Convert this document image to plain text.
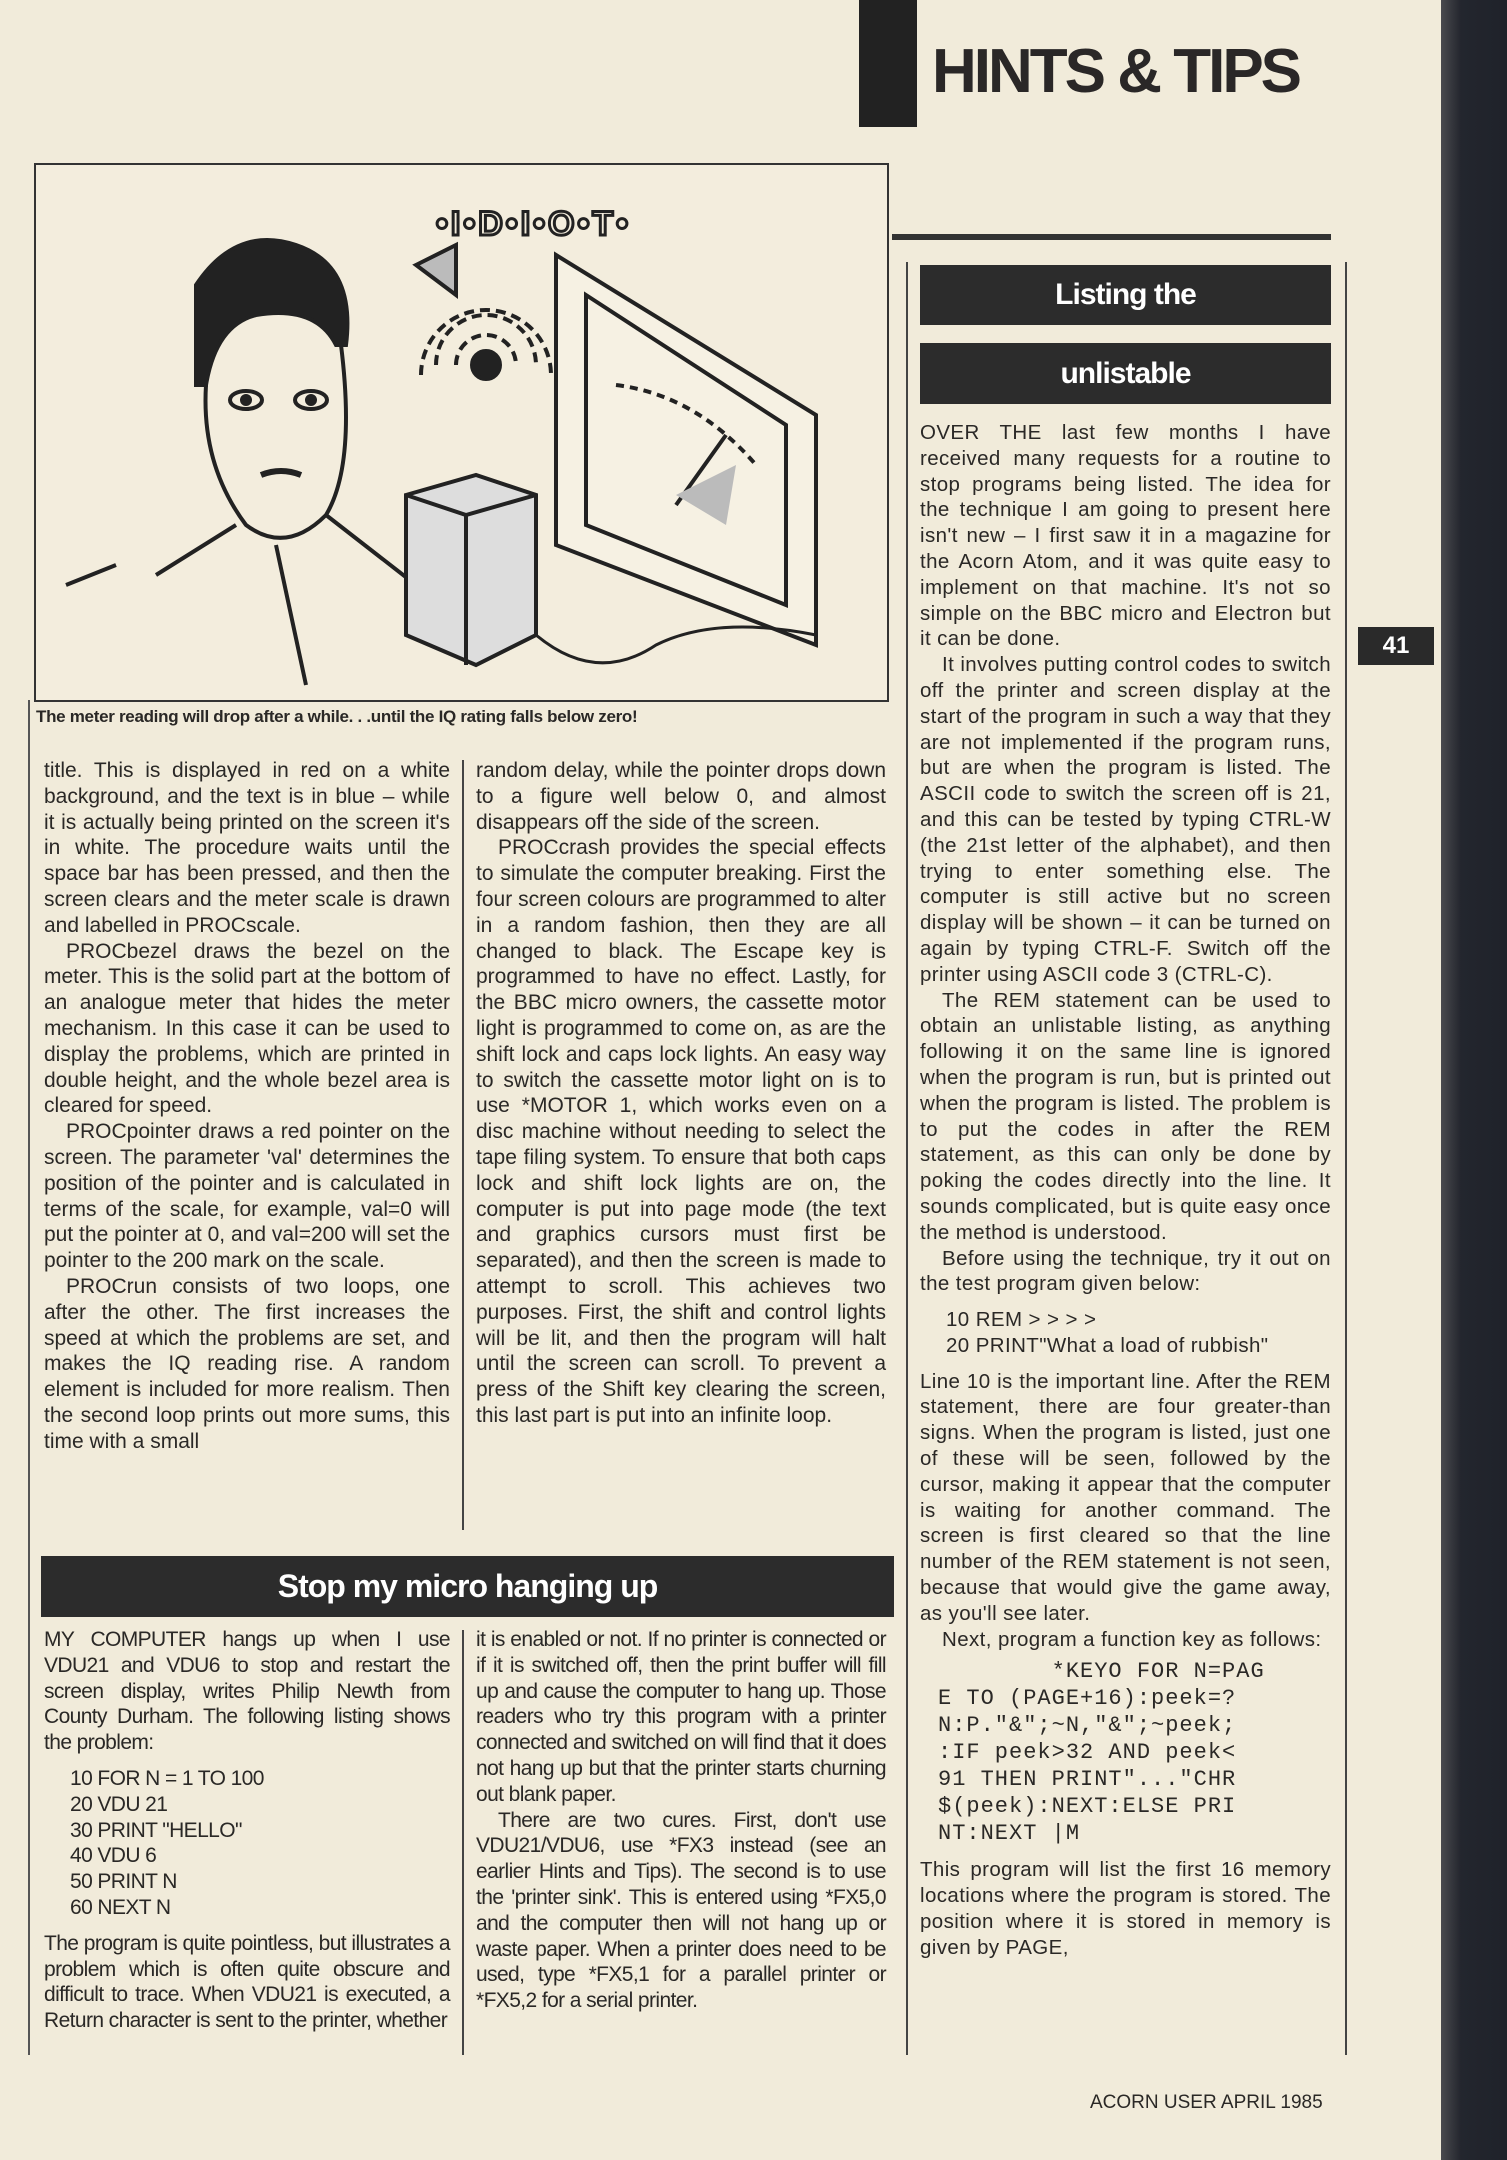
HINTS & TIPS
•I•D•I•O•T•
The meter reading will drop after a while. . .until the IQ rating falls below zero!

title. This is displayed in red on a white background, and the text is in blue – while it is actually being printed on the screen it's in white. The procedure waits until the space bar has been pressed, and then the screen clears and the meter scale is drawn and labelled in PROCscale.

PROCbezel draws the bezel on the meter. This is the solid part at the bottom of an analogue meter that hides the meter mechanism. In this case it can be used to display the problems, which are printed in double height, and the whole bezel area is cleared for speed.

PROCpointer draws a red pointer on the screen. The parameter 'val' determines the position of the pointer and is calculated in terms of the scale, for example, val=0 will put the pointer at 0, and val=200 will set the pointer to the 200 mark on the scale.

PROCrun consists of two loops, one after the other. The first increases the speed at which the problems are set, and makes the IQ reading rise. A random element is included for more realism. Then the second loop prints out more sums, this time with a small

random delay, while the pointer drops down to a figure well below 0, and almost disappears off the side of the screen.

PROCcrash provides the special effects to simulate the computer breaking. First the four screen colours are programmed to alter in a random fashion, then they are all changed to black. The Escape key is programmed to have no effect. Lastly, for the BBC micro owners, the cassette motor light is programmed to come on, as are the shift lock and caps lock lights. An easy way to switch the cassette motor light on is to use *MOTOR 1, which works even on a disc machine without needing to select the tape filing system. To ensure that both caps lock and shift lock lights are on, the computer is put into page mode (the text and graphics cursors must first be separated), and then the screen is made to attempt to scroll. This achieves two purposes. First, the shift and control lights will be lit, and then the program will halt until the screen can scroll. To prevent a press of the Shift key clearing the screen, this last part is put into an infinite loop.

Listing the
unlistable

OVER THE last few months I have received many requests for a routine to stop programs being listed. The idea for the technique I am going to present here isn't new – I first saw it in a magazine for the Acorn Atom, and it was quite easy to implement on that machine. It's not so simple on the BBC micro and Electron but it can be done.

It involves putting control codes to switch off the printer and screen display at the start of the program in such a way that they are not implemented if the program runs, but are when the program is listed. The ASCII code to switch the screen off is 21, and this can be tested by typing CTRL-W (the 21st letter of the alphabet), and then trying to enter something else. The computer is still active but no screen display will be shown – it can be turned on again by typing CTRL-F. Switch off the printer using ASCII code 3 (CTRL-C).

The REM statement can be used to obtain an unlistable listing, as anything following it on the same line is ignored when the program is run, but is printed out when the program is listed. The problem is to put the codes in after the REM statement, as this can only be done by poking the codes directly into the line. It sounds complicated, but is quite easy once the method is understood.

Before using the technique, try it out on the test program given below:

10 REM > > > >
20 PRINT"What a load of rubbish"

Line 10 is the important line. After the REM statement, there are four greater-than signs. When the program is listed, just one of these will be seen, followed by the cursor, making it appear that the computer is waiting for another command. The screen is first cleared so that the line number of the REM statement is not seen, because that would give the game away, as you'll see later.

Next, program a function key as follows:

*KEYO FOR N=PAG
E TO (PAGE+16):peek=?
N:P."&";~N,"&";~peek;
:IF peek>32 AND peek<
91 THEN PRINT"..."CHR
$(peek):NEXT:ELSE PRI
NT:NEXT |M

This program will list the first 16 memory locations where the program is stored. The position where it is stored in memory is given by PAGE,

41
Stop my micro hanging up

MY COMPUTER hangs up when I use VDU21 and VDU6 to stop and restart the screen display, writes Philip Newth from County Durham. The following listing shows the problem:

10 FOR N = 1 TO 100
20 VDU 21
30 PRINT "HELLO"
40 VDU 6
50 PRINT N
60 NEXT N

The program is quite pointless, but illustrates a problem which is often quite obscure and difficult to trace. When VDU21 is executed, a Return character is sent to the printer, whether

it is enabled or not. If no printer is connected or if it is switched off, then the print buffer will fill up and cause the computer to hang up. Those readers who try this program with a printer connected and switched on will find that it does not hang up but that the printer starts churning out blank paper.

There are two cures. First, don't use VDU21/VDU6, use *FX3 instead (see an earlier Hints and Tips). The second is to use the 'printer sink'. This is entered using *FX5,0 and the computer then will not hang up or waste paper. When a printer does need to be used, type *FX5,1 for a parallel printer or *FX5,2 for a serial printer.

ACORN USER APRIL 1985
